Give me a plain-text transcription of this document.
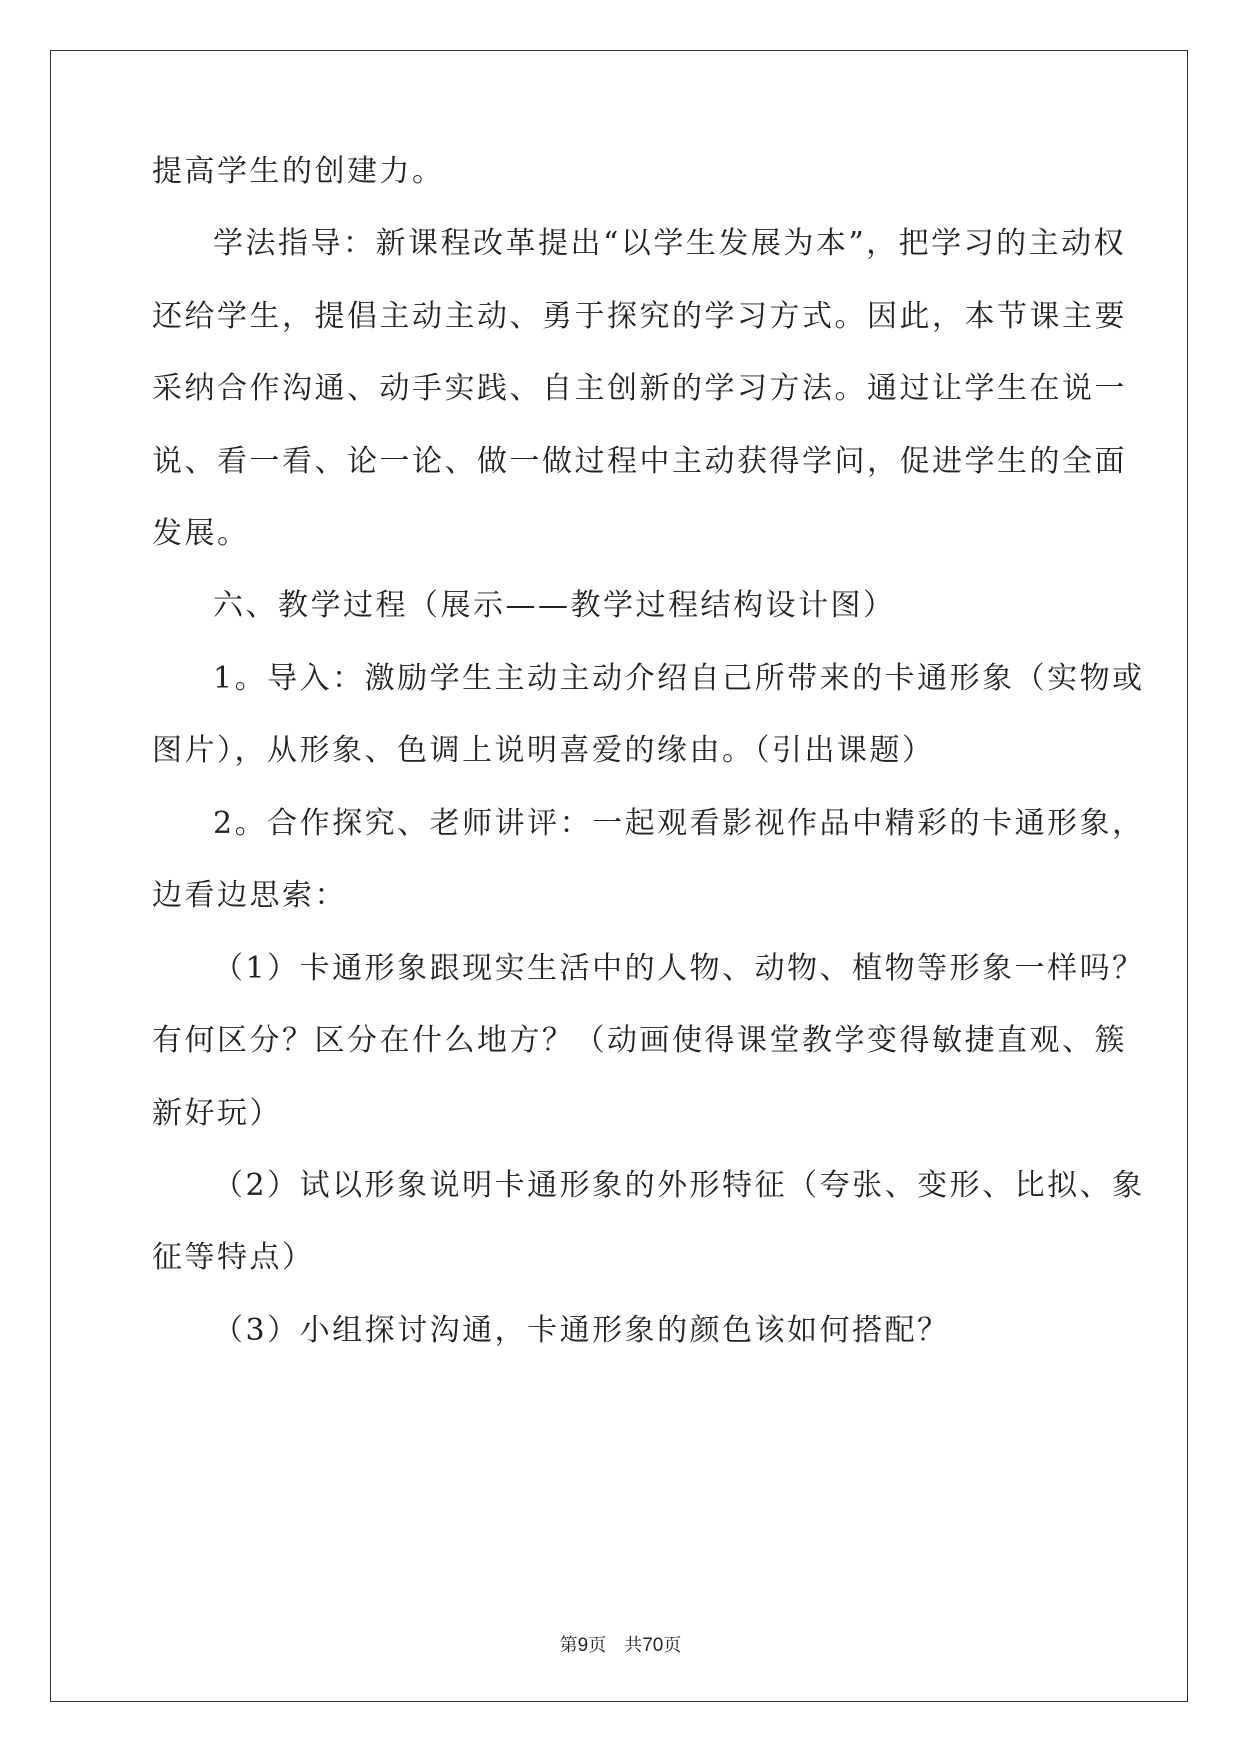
提高学生的创建力。
学法指导：新课程改革提出“以学生发展为本”，把学习的主动权
还给学生，提倡主动主动、勇于探究的学习方式。因此，本节课主要
采纳合作沟通、动手实践、自主创新的学习方法。通过让学生在说一
说、看一看、论一论、做一做过程中主动获得学问，促进学生的全面
发展。
六、教学过程（展示——教学过程结构设计图）
1。导入：激励学生主动主动介绍自己所带来的卡通形象（实物或
图片），从形象、色调上说明喜爱的缘由。（引出课题）
2。合作探究、老师讲评：一起观看影视作品中精彩的卡通形象，
边看边思索：
（1）卡通形象跟现实生活中的人物、动物、植物等形象一样吗？
有何区分？区分在什么地方？（动画使得课堂教学变得敏捷直观、簇
新好玩）
（2）试以形象说明卡通形象的外形特征（夸张、变形、比拟、象
征等特点）
（3）小组探讨沟通，卡通形象的颜色该如何搭配？
第9页　共70页
